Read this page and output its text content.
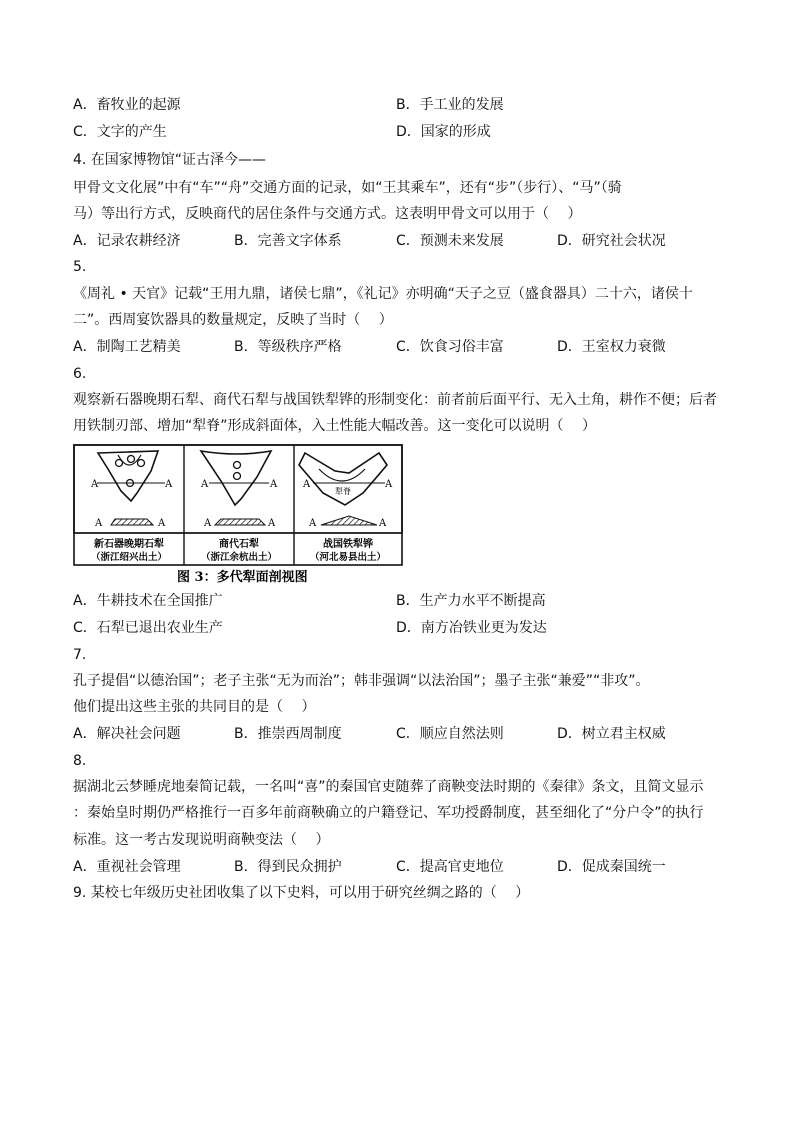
A．畜牧业的起源	B．手工业的发展
C．文字的产生	D．国家的形成
4. 在国家博物馆“证古泽今——
甲骨文文化展”中有“车”“舟”交通方面的记录，如“王其乘车”，还有“步”（步行）、“马”（骑
马）等出行方式，反映商代的居住条件与交通方式。这表明甲骨文可以用于（　 ）
A．记录农耕经济	B．完善文字体系	C．预测未来发展	D．研究社会状况
5.
《周礼 • 天官》记载“王用九鼎，诸侯七鼎”，《礼记》亦明确“天子之豆（盛食器具）二十六，诸侯十
二”。西周宴饮器具的数量规定，反映了当时（　 ）
A．制陶工艺精美	B．等级秩序严格	C．饮食习俗丰富	D．王室权力衰微
6.
观察新石器晚期石犁、商代石犁与战国铁犁铧的形制变化：前者前后面平行、无入土角，耕作不便；后者
用铁制刃部、增加“犁脊”形成斜面体，入土性能大幅改善。这一变化可以说明（　 ）
A	A
A	A
A	A
A	A
A	A
犁脊
A	A
新石器晚期石犁
（浙江绍兴出土）
商代石犁
（浙江余杭出土）
战国铁犁铧
（河北易县出土）
图 3：多代犁面剖视图
A．牛耕技术在全国推广	B．生产力水平不断提高
C．石犁已退出农业生产	D．南方冶铁业更为发达
7.
孔子提倡“以德治国”；老子主张“无为而治”；韩非强调“以法治国”；墨子主张“兼爱”“非攻”。
他们提出这些主张的共同目的是（　 ）
A．解决社会问题	B．推崇西周制度	C．顺应自然法则	D．树立君主权威
8.
据湖北云梦睡虎地秦简记载，一名叫“喜”的秦国官吏随葬了商鞅变法时期的《秦律》条文，且简文显示
：秦始皇时期仍严格推行一百多年前商鞅确立的户籍登记、军功授爵制度，甚至细化了“分户令”的执行
标准。这一考古发现说明商鞅变法（　 ）
A．重视社会管理	B．得到民众拥护	C．提高官吏地位	D．促成秦国统一
9. 某校七年级历史社团收集了以下史料，可以用于研究丝绸之路的（　 ）
